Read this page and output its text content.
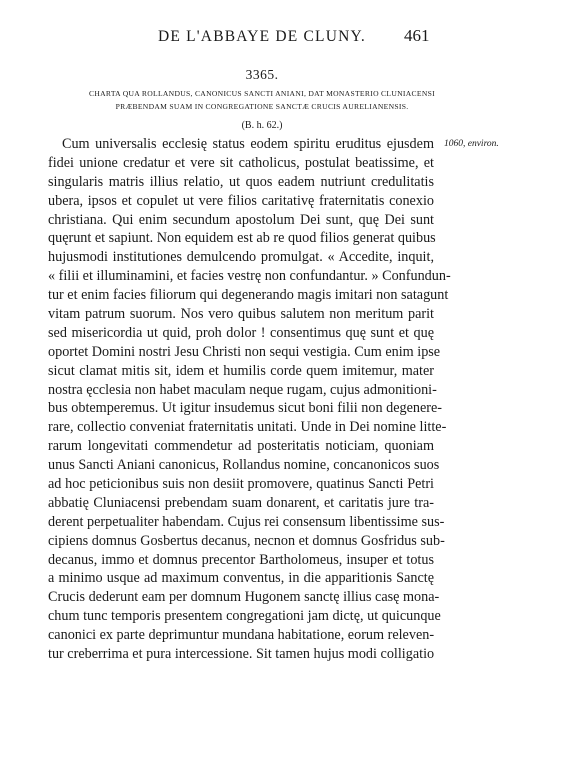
DE L'ABBAYE DE CLUNY.	461
3365.
CHARTA QUA ROLLANDUS, CANONICUS SANCTI ANIANI, DAT MONASTERIO CLUNIACENSI
PRÆBENDAM SUAM IN CONGREGATIONE SANCTÆ CRUCIS AURELIANENSIS.
(B. h. 62.)
1060, environ.
Cum universalis ecclesię status eodem spiritu eruditus ejusdem
fidei unione credatur et vere sit catholicus, postulat beatissime, et
singularis matris illius relatio, ut quos eadem nutriunt credulitatis
ubera, ipsos et copulet ut vere filios caritativę fraternitatis conexio
christiana. Qui enim secundum apostolum Dei sunt, quę Dei sunt
quęrunt et sapiunt. Non equidem est ab re quod filios generat quibus
hujusmodi institutiones demulcendo promulgat. « Accedite, inquit,
« filii et illuminamini, et facies vestrę non confundantur. » Confundun-
tur et enim facies filiorum qui degenerando magis imitari non satagunt
vitam patrum suorum. Nos vero quibus salutem non meritum parit
sed misericordia ut quid, proh dolor ! consentimus quę sunt et quę
oportet Domini nostri Jesu Christi non sequi vestigia. Cum enim ipse
sicut clamat mitis sit, idem et humilis corde quem imitemur, mater
nostra ęcclesia non habet maculam neque rugam, cujus admonitioni-
bus obtemperemus. Ut igitur insudemus sicut boni filii non degenere-
rare, collectio conveniat fraternitatis unitati. Unde in Dei nomine litte-
rarum longevitati commendetur ad posteritatis noticiam, quoniam
unus Sancti Aniani canonicus, Rollandus nomine, concanonicos suos
ad hoc peticionibus suis non desiit promovere, quatinus Sancti Petri
abbatię Cluniacensi prebendam suam donarent, et caritatis jure tra-
derent perpetualiter habendam. Cujus rei consensum libentissime sus-
cipiens domnus Gosbertus decanus, necnon et domnus Gosfridus sub-
decanus, immo et domnus precentor Bartholomeus, insuper et totus
a minimo usque ad maximum conventus, in die apparitionis Sanctę
Crucis dederunt eam per domnum Hugonem sanctę illius casę mona-
chum tunc temporis presentem congregationi jam dictę, ut quicunque
canonici ex parte deprimuntur mundana habitatione, eorum releven-
tur creberrima et pura intercessione. Sit tamen hujus modi colligatio
